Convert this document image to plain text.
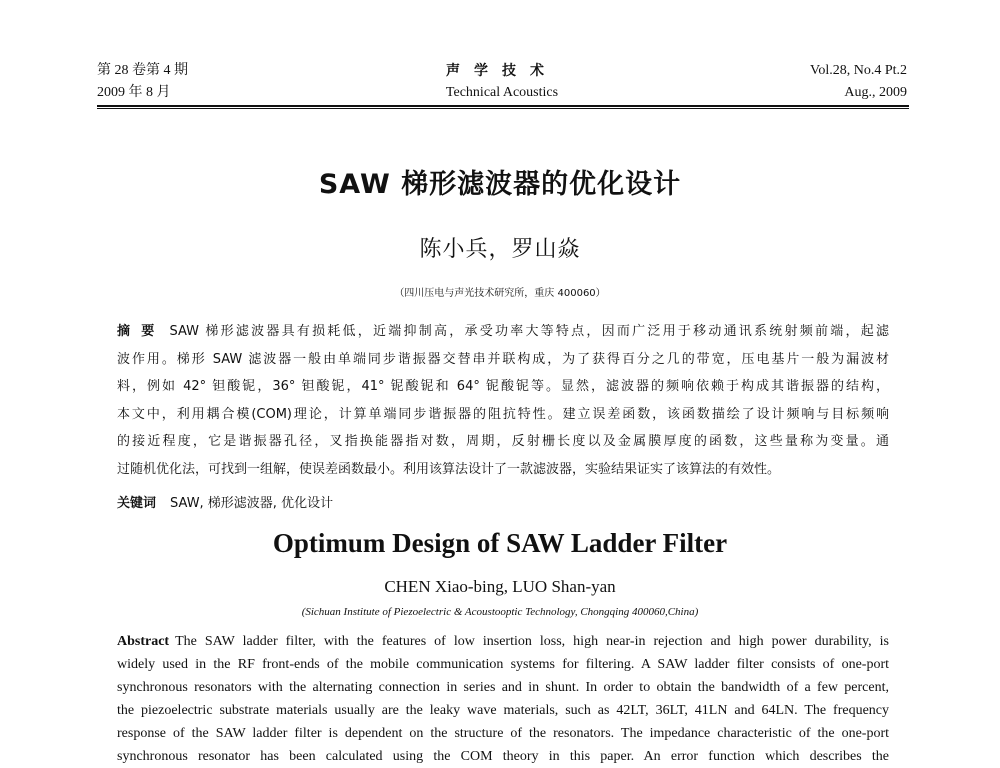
第 28 卷第 4 期
2009 年 8 月
声学技术
Technical Acoustics
Vol.28, No.4 Pt.2
Aug., 2009
SAW 梯形滤波器的优化设计
陈小兵，罗山焱
（四川压电与声光技术研究所，重庆 400060）
摘要 SAW 梯形滤波器具有损耗低，近端抑制高，承受功率大等特点，因而广泛用于移动通讯系统射频前端，起滤
波作用。梯形 SAW 滤波器一般由单端同步谐振器交替串并联构成，为了获得百分之几的带宽，压电基片一般为漏波材
料，例如 42° 钽酸铌，36° 钽酸铌，41° 铌酸铌和 64° 铌酸铌等。显然，滤波器的频响依赖于构成其谐振器的结构，
本文中，利用耦合模(COM)理论，计算单端同步谐振器的阻抗特性。建立误差函数，该函数描绘了设计频响与目标频响
的接近程度，它是谐振器孔径，叉指换能器指对数，周期，反射栅长度以及金属膜厚度的函数，这些量称为变量。通
过随机优化法，可找到一组解，使误差函数最小。利用该算法设计了一款滤波器，实验结果证实了该算法的有效性。
关键词 SAW, 梯形滤波器, 优化设计
Optimum Design of SAW Ladder Filter
CHEN Xiao-bing, LUO Shan-yan
(Sichuan Institute of Piezoelectric & Acoustooptic Technology, Chongqing 400060,China)
Abstract The SAW ladder filter, with the features of low insertion loss, high near-in rejection and high power durability, is
widely used in the RF front-ends of the mobile communication systems for filtering. A SAW ladder filter consists of one-port
synchronous resonators with the alternating connection in series and in shunt. In order to obtain the bandwidth of a few percent,
the piezoelectric substrate materials usually are the leaky wave materials, such as 42LT, 36LT, 41LN and 64LN. The frequency
response of the SAW ladder filter is dependent on the structure of the resonators. The impedance characteristic of the one-port
synchronous resonator has been calculated using the COM theory in this paper. An error function which describes the
